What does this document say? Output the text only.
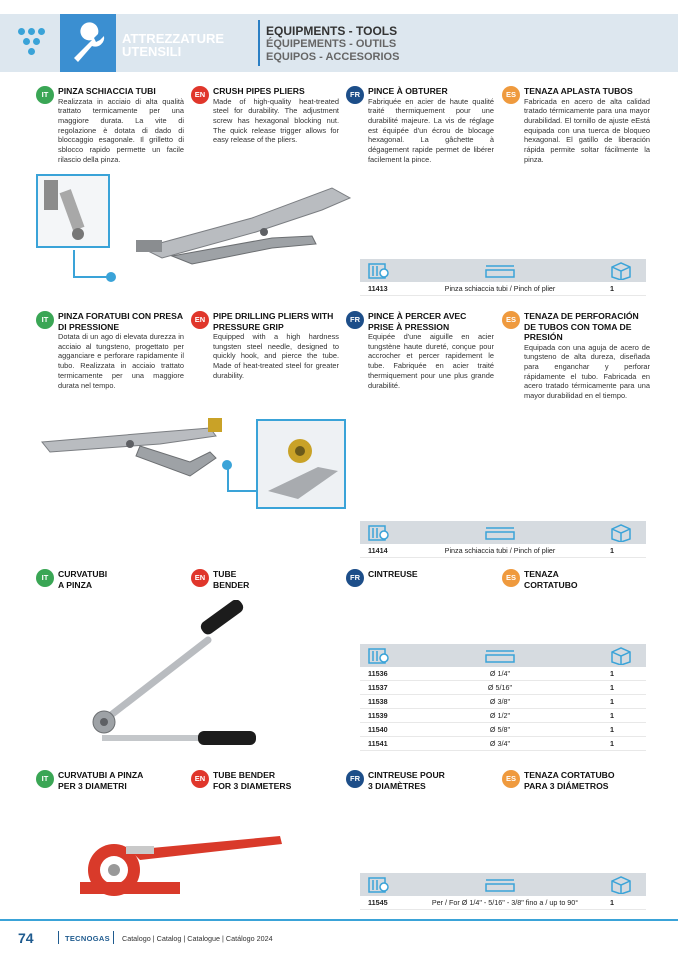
ATTREZZATURE
UTENSILI
EQUIPMENTS - TOOLS
ÉQUIPEMENTS - OUTILS
EQUIPOS - ACCESORIOS
IT	PINZA SCHIACCIA TUBI
Realizzata in acciaio di alta qualità trattato termicamente per una maggiore durata. La vite di regolazione è dotata di dado di bloccaggio esagonale. Il grilletto di sblocco rapido permette un facile rilascio della pinza.
EN CRUSH PIPES PLIERS
Made of high-quality heat-treated steel for durability. The adjustment screw has hexagonal blocking nut. The quick release trigger allows for easy release of the pliers.
FR PINCE À OBTURER
Fabriquée en acier de haute qualité traité thermiquement pour une durabilité majeure. La vis de réglage est équipée d'un écrou de blocage hexagonal. La gâchette à dégagement rapide permet de libérer facilement la pince.
ES TENAZA APLASTA TUBOS
Fabricada en acero de alta calidad tratado térmicamente para una mayor durabilidad. El tornillo de ajuste eEstá equipada con una tuerca de bloqueo hexagonal. El gatillo de liberación rápida permite soltar fácilmente la pinza.
11413	Pinza schiaccia tubi / Pinch of plier	1
IT	PINZA FORATUBI CON PRESA DI PRESSIONE
Dotata di un ago di elevata durezza in acciaio al tungsteno, progettato per agganciare e perforare rapidamente il tubo. Realizzata in acciaio trattato termicamente per una maggiore durata nel tempo.
EN PIPE DRILLING PLIERS WITH PRESSURE GRIP
Equipped with a high hardness tungsten steel needle, designed to quickly hook, and pierce the tube. Made of heat-treated steel for greater durability.
FR PINCE À PERCER AVEC PRISE À PRESSION
Equipée d'une aiguille en acier tungstène haute dureté, conçue pour accrocher et percer rapidement le tube. Fabriquée en acier traité thermiquement pour une plus grande durabilité.
ES TENAZA DE PERFORACIÓN DE TUBOS CON TOMA DE PRESIÓN
Equipada con una aguja de acero de tungsteno de alta dureza, diseñada para enganchar y perforar rápidamente el tubo. Fabricada en acero tratado térmicamente para una mayor durabilidad en el tiempo.
11414	Pinza schiaccia tubi / Pinch of plier	1
IT	CURVATUBI
A PINZA
EN TUBE
BENDER
FR CINTREUSE	ES TENAZA
CORTATUBO
11536	Ø 1/4"	1
11537	Ø 5/16"	1
11538	Ø 3/8"	1
11539	Ø 1/2"	1
11540	Ø 5/8"	1
11541	Ø 3/4"	1
IT	CURVATUBI A PINZA
PER 3 DIAMETRI
EN TUBE BENDER
FOR 3 DIAMETERS
FR CINTREUSE POUR
3 DIAMÈTRES
ES TENAZA CORTATUBO
PARA 3 DIÁMETROS
11545	Per / For Ø 1/4" - 5/16" - 3/8" fino a / up to 90°	1
74	TECNOGAS Catalogo | Catalog | Catalogue | Catálogo 2024
